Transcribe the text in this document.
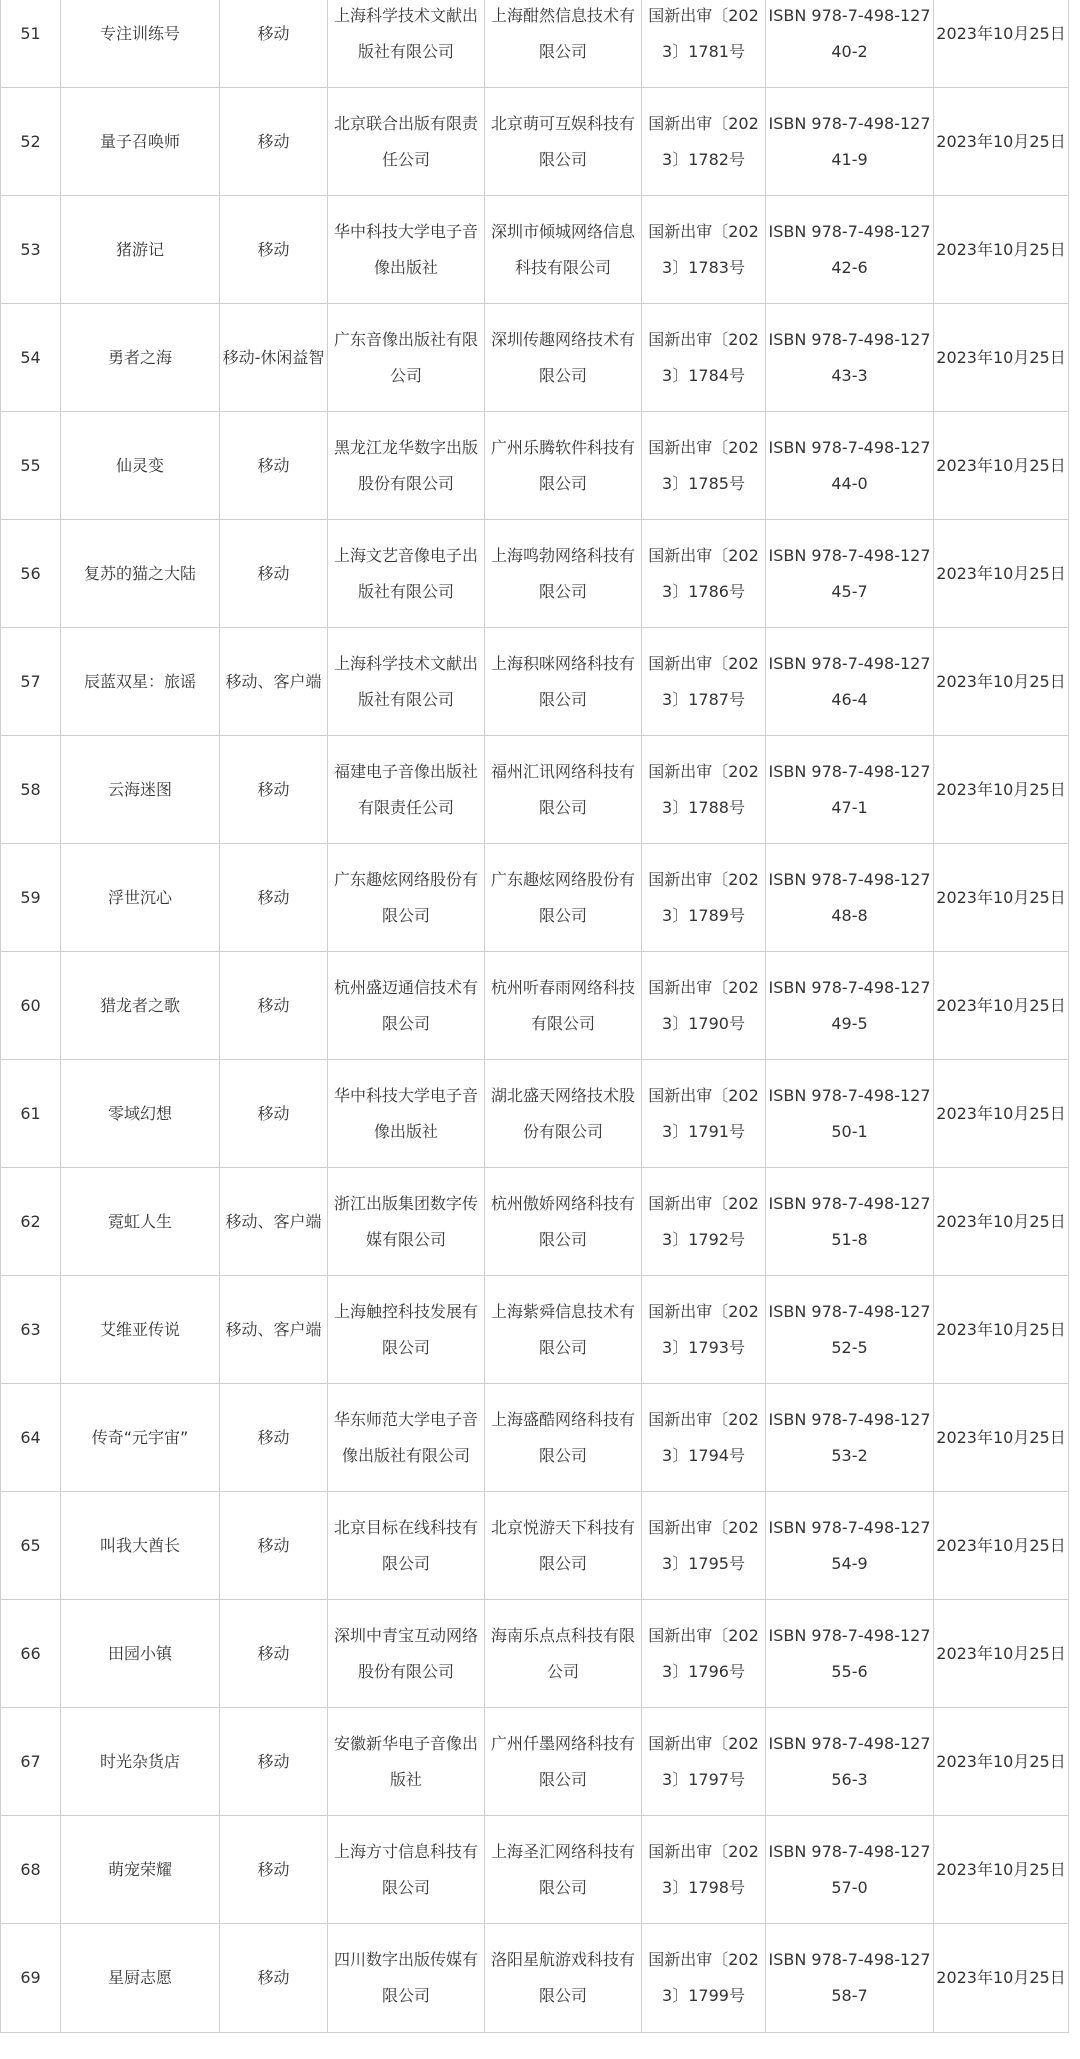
51	专注训练号	移动	上海科学技术文献出版社有限公司	上海酣然信息技术有限公司	国新出审〔2023〕1781号	ISBN 978-7-498-12740-2	2023年10月25日
52	量子召唤师	移动	北京联合出版有限责任公司	北京萌可互娱科技有限公司	国新出审〔2023〕1782号	ISBN 978-7-498-12741-9	2023年10月25日
53	猪游记	移动	华中科技大学电子音像出版社	深圳市倾城网络信息科技有限公司	国新出审〔2023〕1783号	ISBN 978-7-498-12742-6	2023年10月25日
54	勇者之海	移动-休闲益智	广东音像出版社有限公司	深圳传趣网络技术有限公司	国新出审〔2023〕1784号	ISBN 978-7-498-12743-3	2023年10月25日
55	仙灵变	移动	黑龙江龙华数字出版股份有限公司	广州乐腾软件科技有限公司	国新出审〔2023〕1785号	ISBN 978-7-498-12744-0	2023年10月25日
56	复苏的猫之大陆	移动	上海文艺音像电子出版社有限公司	上海鸣勃网络科技有限公司	国新出审〔2023〕1786号	ISBN 978-7-498-12745-7	2023年10月25日
57	辰蓝双星：旅谣	移动、客户端	上海科学技术文献出版社有限公司	上海积咪网络科技有限公司	国新出审〔2023〕1787号	ISBN 978-7-498-12746-4	2023年10月25日
58	云海迷图	移动	福建电子音像出版社有限责任公司	福州汇讯网络科技有限公司	国新出审〔2023〕1788号	ISBN 978-7-498-12747-1	2023年10月25日
59	浮世沉心	移动	广东趣炫网络股份有限公司	广东趣炫网络股份有限公司	国新出审〔2023〕1789号	ISBN 978-7-498-12748-8	2023年10月25日
60	猎龙者之歌	移动	杭州盛迈通信技术有限公司	杭州听春雨网络科技有限公司	国新出审〔2023〕1790号	ISBN 978-7-498-12749-5	2023年10月25日
61	零域幻想	移动	华中科技大学电子音像出版社	湖北盛天网络技术股份有限公司	国新出审〔2023〕1791号	ISBN 978-7-498-12750-1	2023年10月25日
62	霓虹人生	移动、客户端	浙江出版集团数字传媒有限公司	杭州傲娇网络科技有限公司	国新出审〔2023〕1792号	ISBN 978-7-498-12751-8	2023年10月25日
63	艾维亚传说	移动、客户端	上海触控科技发展有限公司	上海紫舜信息技术有限公司	国新出审〔2023〕1793号	ISBN 978-7-498-12752-5	2023年10月25日
64	传奇“元宇宙”	移动	华东师范大学电子音像出版社有限公司	上海盛酷网络科技有限公司	国新出审〔2023〕1794号	ISBN 978-7-498-12753-2	2023年10月25日
65	叫我大酋长	移动	北京目标在线科技有限公司	北京悦游天下科技有限公司	国新出审〔2023〕1795号	ISBN 978-7-498-12754-9	2023年10月25日
66	田园小镇	移动	深圳中青宝互动网络股份有限公司	海南乐点点科技有限公司	国新出审〔2023〕1796号	ISBN 978-7-498-12755-6	2023年10月25日
67	时光杂货店	移动	安徽新华电子音像出版社	广州仟墨网络科技有限公司	国新出审〔2023〕1797号	ISBN 978-7-498-12756-3	2023年10月25日
68	萌宠荣耀	移动	上海方寸信息科技有限公司	上海圣汇网络科技有限公司	国新出审〔2023〕1798号	ISBN 978-7-498-12757-0	2023年10月25日
69	星厨志愿	移动	四川数字出版传媒有限公司	洛阳星航游戏科技有限公司	国新出审〔2023〕1799号	ISBN 978-7-498-12758-7	2023年10月25日
